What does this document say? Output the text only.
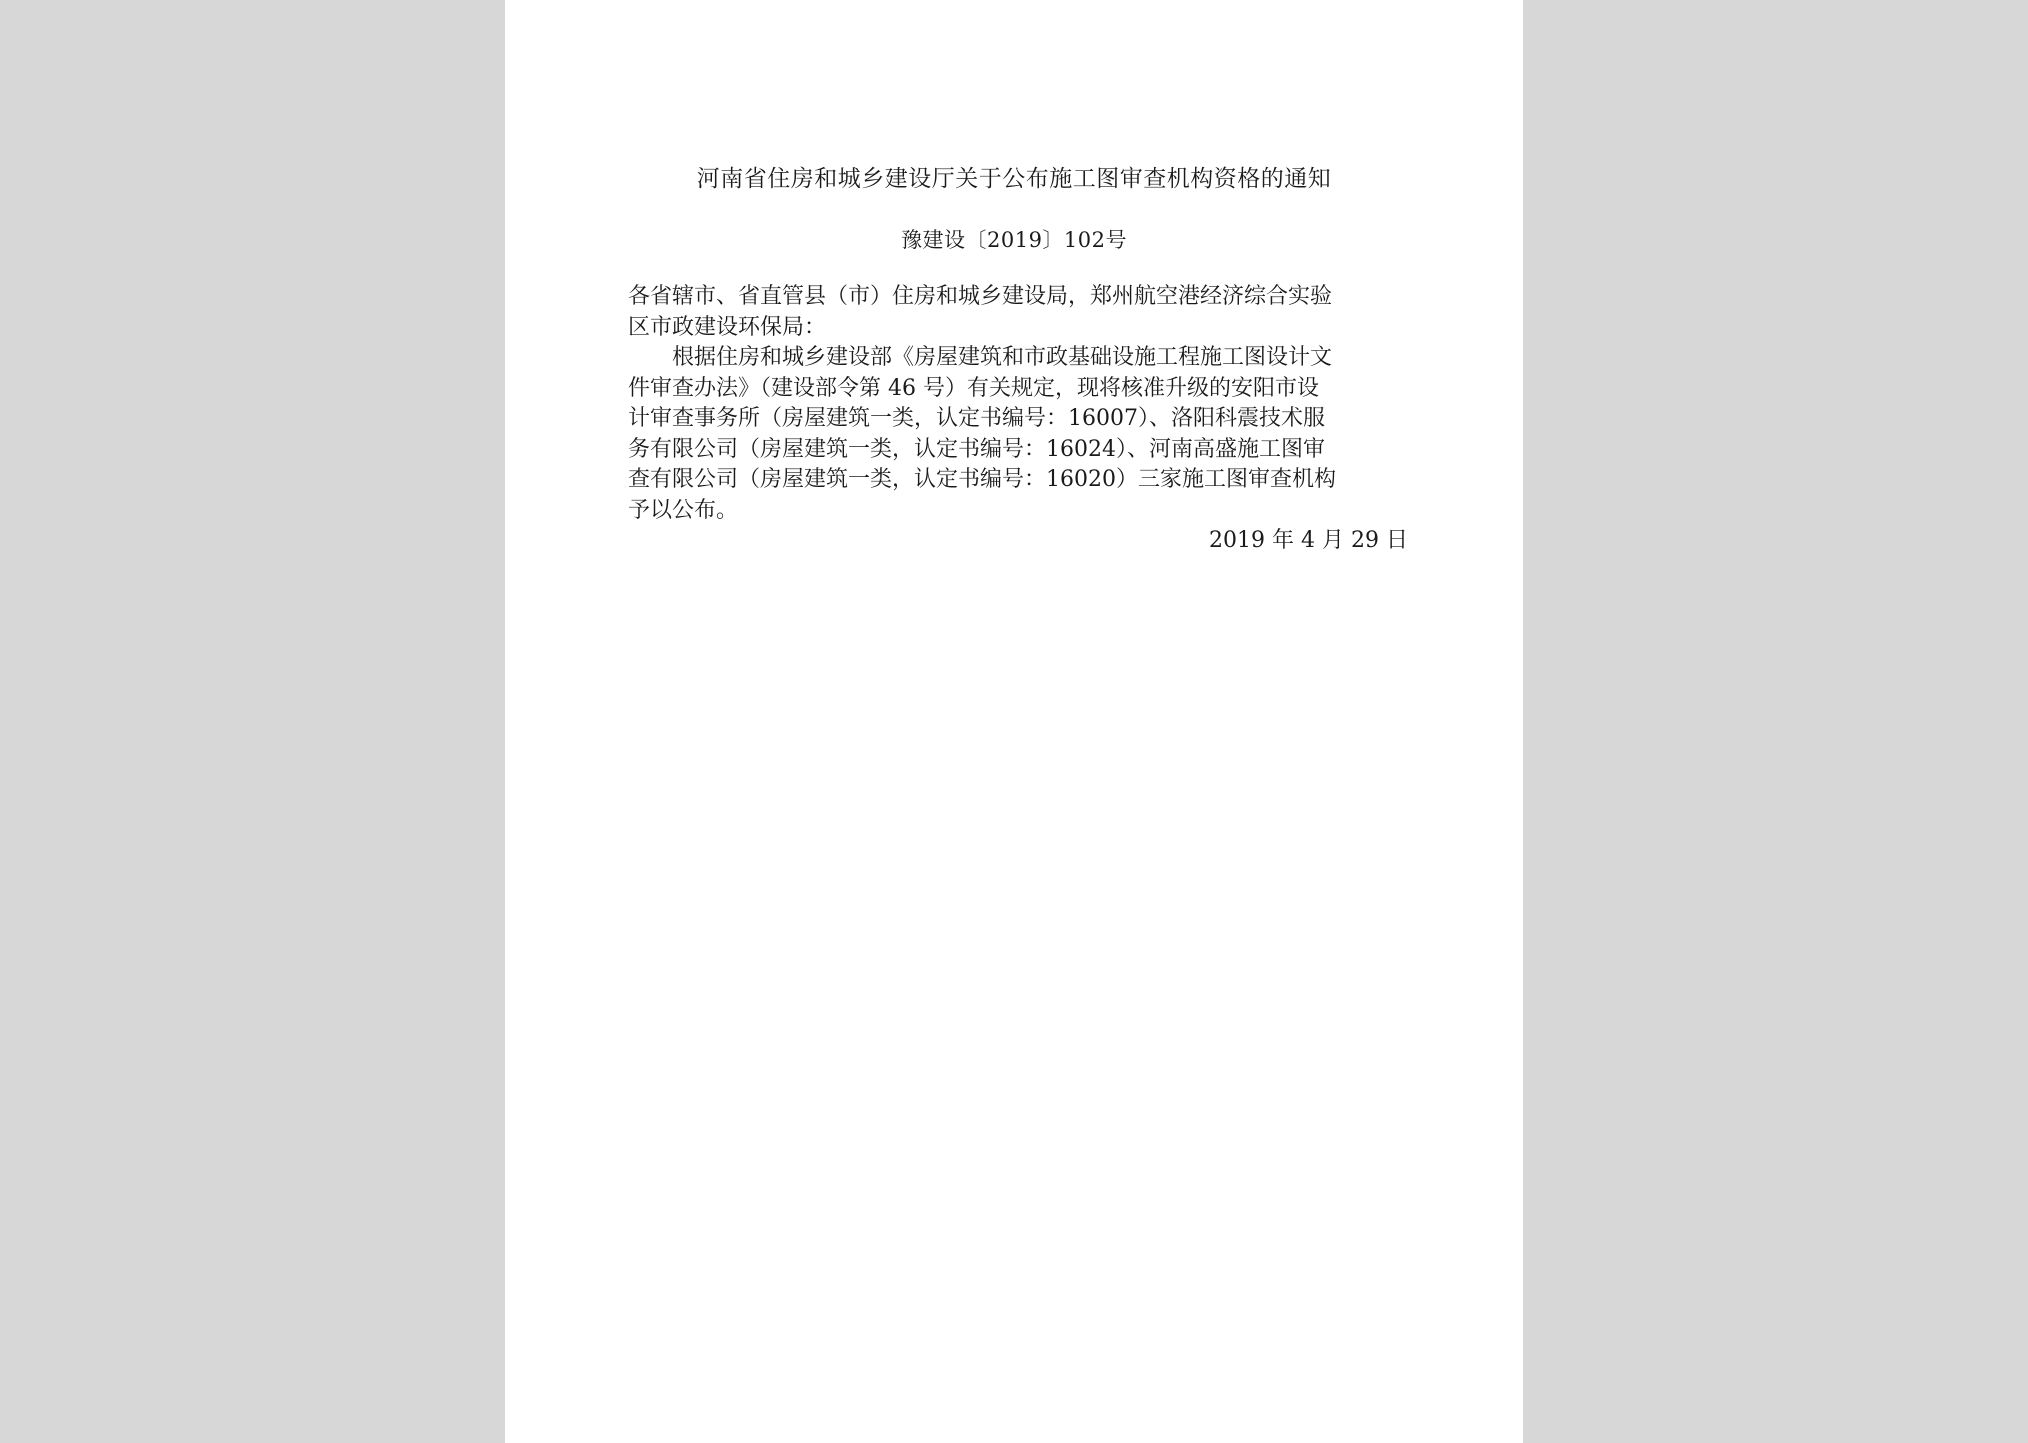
河南省住房和城乡建设厅关于公布施工图审查机构资格的通知
豫建设〔2019〕102号

各省辖市、省直管县（市）住房和城乡建设局，郑州航空港经济综合实验

区市政建设环保局：

根据住房和城乡建设部《房屋建筑和市政基础设施工程施工图设计文

件审查办法》（建设部令第 46 号）有关规定，现将核准升级的安阳市设

计审查事务所（房屋建筑一类，认定书编号：16007）、洛阳科震技术服

务有限公司（房屋建筑一类，认定书编号：16024）、河南高盛施工图审

查有限公司（房屋建筑一类，认定书编号：16020）三家施工图审查机构

予以公布。

2019 年 4 月 29 日
